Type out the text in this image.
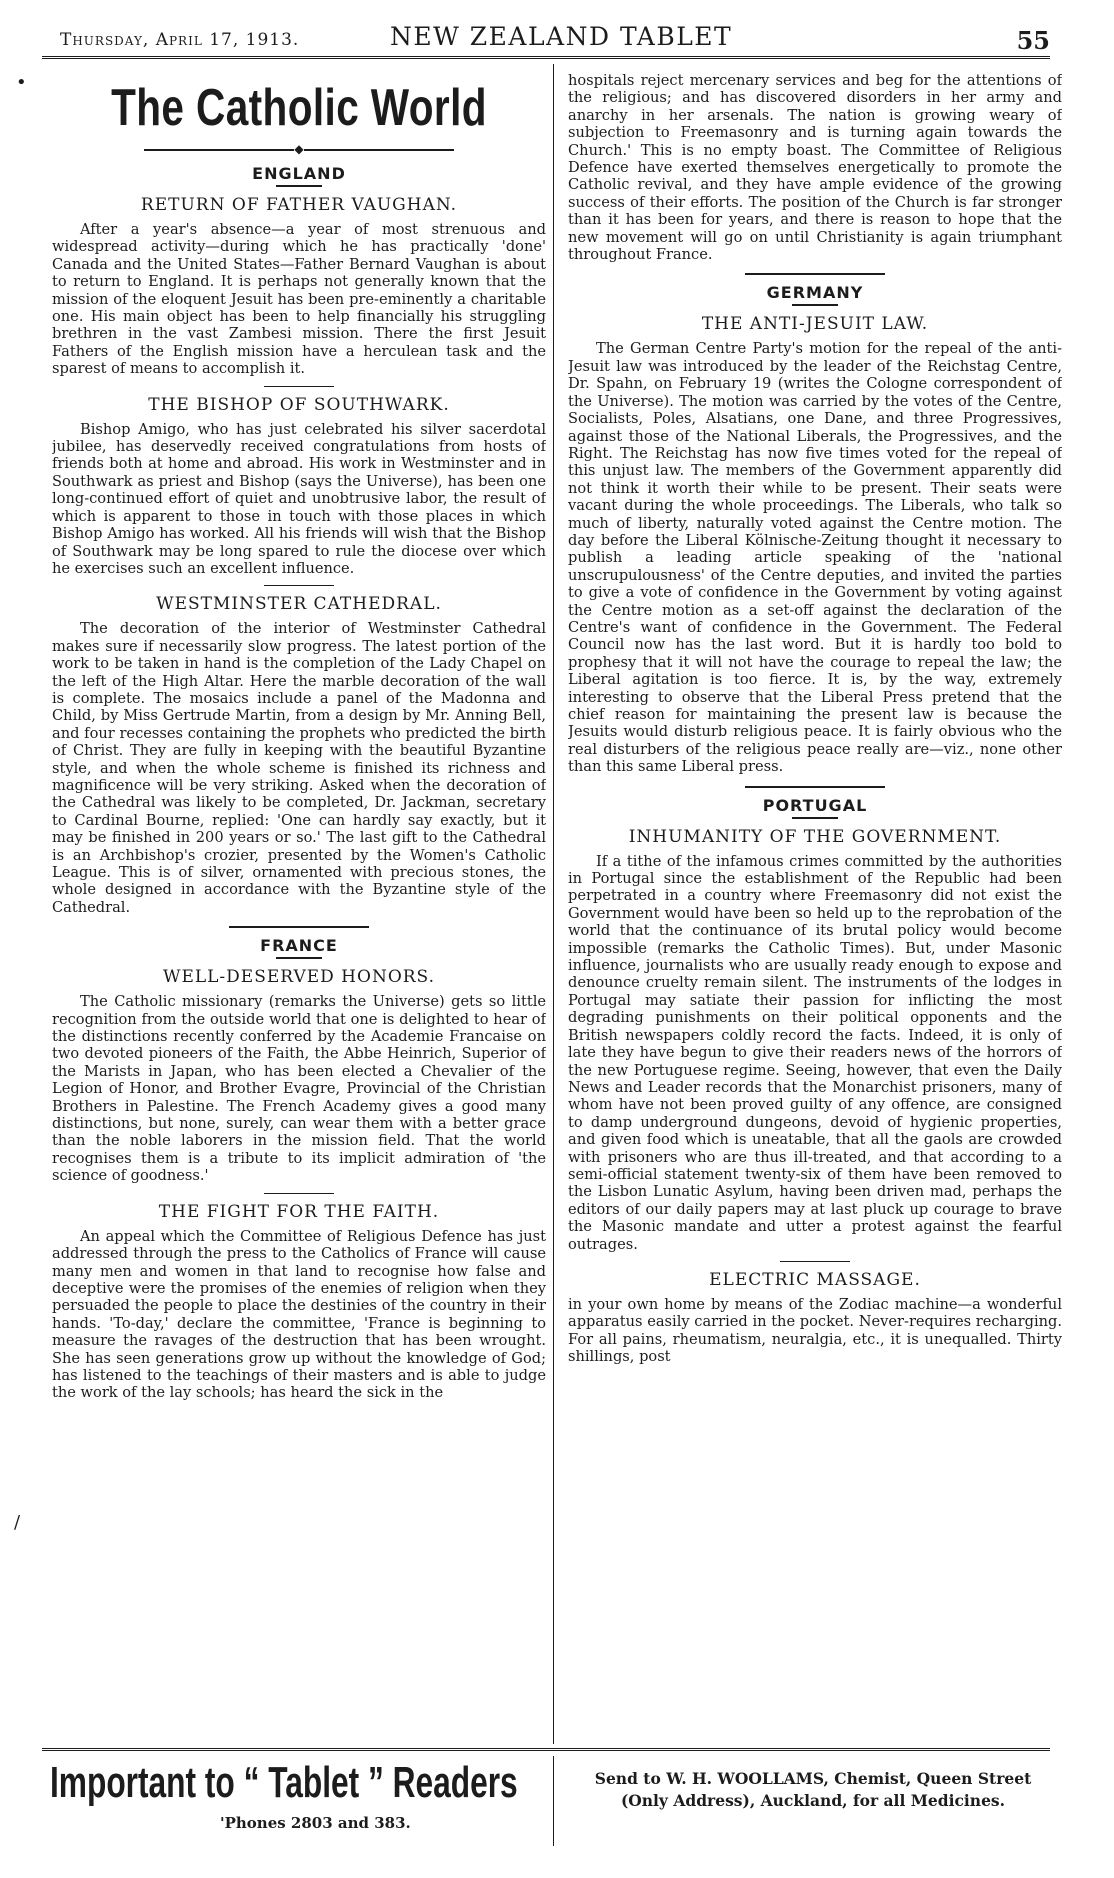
Thursday, April 17, 1913.	NEW ZEALAND TABLET	55
•
/
The Catholic World
◆
ENGLAND
RETURN OF FATHER VAUGHAN.

After a year's absence—a year of most strenuous and widespread activity—during which he has practically 'done' Canada and the United States—Father Bernard Vaughan is about to return to England. It is perhaps not generally known that the mission of the eloquent Jesuit has been pre-eminently a charitable one. His main object has been to help financially his struggling brethren in the vast Zambesi mission. There the first Jesuit Fathers of the English mission have a herculean task and the sparest of means to accomplish it.

THE BISHOP OF SOUTHWARK.

Bishop Amigo, who has just celebrated his silver sacerdotal jubilee, has deservedly received congratulations from hosts of friends both at home and abroad. His work in Westminster and in Southwark as priest and Bishop (says the Universe), has been one long-continued effort of quiet and unobtrusive labor, the result of which is apparent to those in touch with those places in which Bishop Amigo has worked. All his friends will wish that the Bishop of Southwark may be long spared to rule the diocese over which he exercises such an excellent influence.

WESTMINSTER CATHEDRAL.

The decoration of the interior of Westminster Cathedral makes sure if necessarily slow progress. The latest portion of the work to be taken in hand is the completion of the Lady Chapel on the left of the High Altar. Here the marble decoration of the wall is complete. The mosaics include a panel of the Madonna and Child, by Miss Gertrude Martin, from a design by Mr. Anning Bell, and four recesses containing the prophets who predicted the birth of Christ. They are fully in keeping with the beautiful Byzantine style, and when the whole scheme is finished its richness and magnificence will be very striking. Asked when the decoration of the Cathedral was likely to be completed, Dr. Jackman, secretary to Cardinal Bourne, replied: 'One can hardly say exactly, but it may be finished in 200 years or so.' The last gift to the Cathedral is an Archbishop's crozier, presented by the Women's Catholic League. This is of silver, ornamented with precious stones, the whole designed in accordance with the Byzantine style of the Cathedral.

FRANCE
WELL-DESERVED HONORS.

The Catholic missionary (remarks the Universe) gets so little recognition from the outside world that one is delighted to hear of the distinctions recently conferred by the Academie Francaise on two devoted pioneers of the Faith, the Abbe Heinrich, Superior of the Marists in Japan, who has been elected a Chevalier of the Legion of Honor, and Brother Evagre, Provincial of the Christian Brothers in Palestine. The French Academy gives a good many distinctions, but none, surely, can wear them with a better grace than the noble laborers in the mission field. That the world recognises them is a tribute to its implicit admiration of 'the science of goodness.'

THE FIGHT FOR THE FAITH.

An appeal which the Committee of Religious Defence has just addressed through the press to the Catholics of France will cause many men and women in that land to recognise how false and deceptive were the promises of the enemies of religion when they persuaded the people to place the destinies of the country in their hands. 'To-day,' declare the committee, 'France is beginning to measure the ravages of the destruction that has been wrought. She has seen generations grow up without the knowledge of God; has listened to the teachings of their masters and is able to judge the work of the lay schools; has heard the sick in the

hospitals reject mercenary services and beg for the attentions of the religious; and has discovered disorders in her army and anarchy in her arsenals. The nation is growing weary of subjection to Freemasonry and is turning again towards the Church.' This is no empty boast. The Committee of Religious Defence have exerted themselves energetically to promote the Catholic revival, and they have ample evidence of the growing success of their efforts. The position of the Church is far stronger than it has been for years, and there is reason to hope that the new movement will go on until Christianity is again triumphant throughout France.

GERMANY
THE ANTI-JESUIT LAW.

The German Centre Party's motion for the repeal of the anti-Jesuit law was introduced by the leader of the Reichstag Centre, Dr. Spahn, on February 19 (writes the Cologne correspondent of the Universe). The motion was carried by the votes of the Centre, Socialists, Poles, Alsatians, one Dane, and three Progressives, against those of the National Liberals, the Progressives, and the Right. The Reichstag has now five times voted for the repeal of this unjust law. The members of the Government apparently did not think it worth their while to be present. Their seats were vacant during the whole proceedings. The Liberals, who talk so much of liberty, naturally voted against the Centre motion. The day before the Liberal Kölnische-Zeitung thought it necessary to publish a leading article speaking of the 'national unscrupulousness' of the Centre deputies, and invited the parties to give a vote of confidence in the Government by voting against the Centre motion as a set-off against the declaration of the Centre's want of confidence in the Government. The Federal Council now has the last word. But it is hardly too bold to prophesy that it will not have the courage to repeal the law; the Liberal agitation is too fierce. It is, by the way, extremely interesting to observe that the Liberal Press pretend that the chief reason for maintaining the present law is because the Jesuits would disturb religious peace. It is fairly obvious who the real disturbers of the religious peace really are—viz., none other than this same Liberal press.

PORTUGAL
INHUMANITY OF THE GOVERNMENT.

If a tithe of the infamous crimes committed by the authorities in Portugal since the establishment of the Republic had been perpetrated in a country where Freemasonry did not exist the Government would have been so held up to the reprobation of the world that the continuance of its brutal policy would become impossible (remarks the Catholic Times). But, under Masonic influence, journalists who are usually ready enough to expose and denounce cruelty remain silent. The instruments of the lodges in Portugal may satiate their passion for inflicting the most degrading punishments on their political opponents and the British newspapers coldly record the facts. Indeed, it is only of late they have begun to give their readers news of the horrors of the new Portuguese regime. Seeing, however, that even the Daily News and Leader records that the Monarchist prisoners, many of whom have not been proved guilty of any offence, are consigned to damp underground dungeons, devoid of hygienic properties, and given food which is uneatable, that all the gaols are crowded with prisoners who are thus ill-treated, and that according to a semi-official statement twenty-six of them have been removed to the Lisbon Lunatic Asylum, having been driven mad, perhaps the editors of our daily papers may at last pluck up courage to brave the Masonic mandate and utter a protest against the fearful outrages.

ELECTRIC MASSAGE.

in your own home by means of the Zodiac machine—a wonderful apparatus easily carried in the pocket. Never-requires recharging. For all pains, rheumatism, neuralgia, etc., it is unequalled. Thirty shillings, post

Important to “ Tablet ” Readers
'Phones 2803 and 383.
Send to W. H. WOOLLAMS, Chemist, Queen Street
(Only Address), Auckland, for all Medicines.
